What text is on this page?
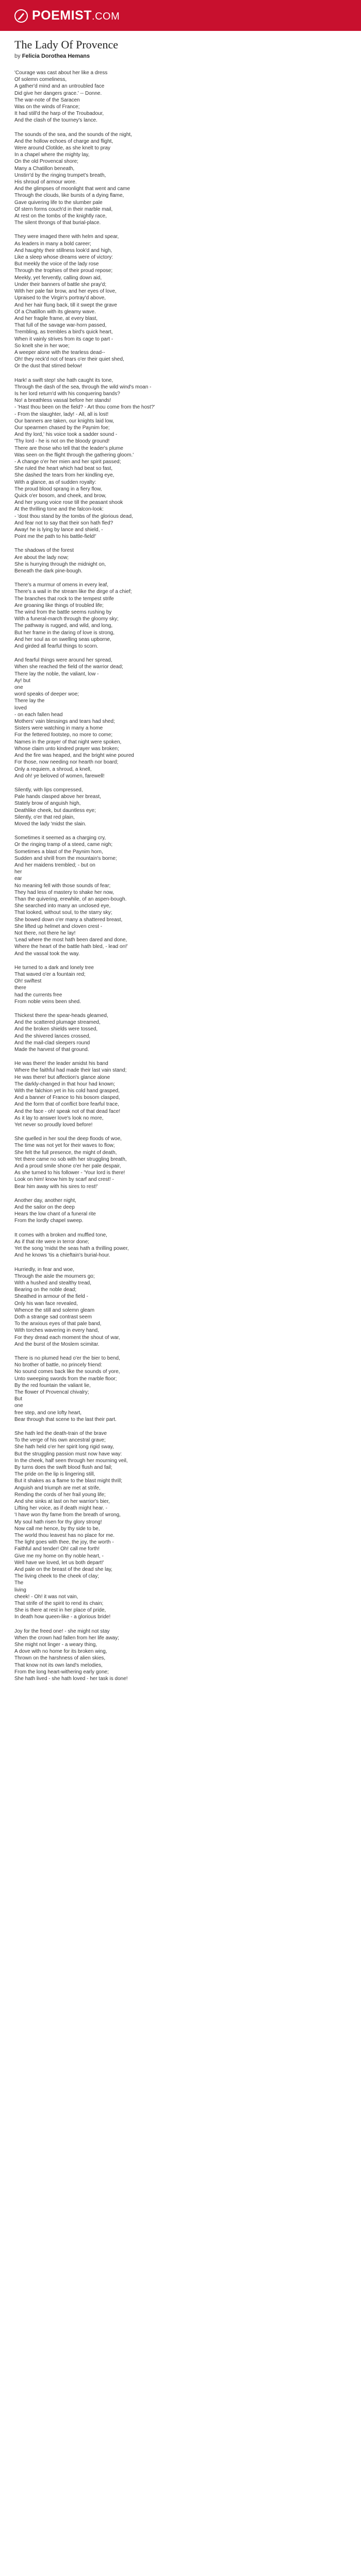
POEMIST.COM
The Lady Of Provence
by Felicia Dorothea Hemans
'Courage was cast about her like a dress
Of solemn comeliness,
A gather'd mind and an untroubled face
Did give her dangers grace.' -- Donne.
The war-note of the Saracen
Was on the winds of France;
It had still'd the harp of the Troubadour,
And the clash of the tourney's lance.
The sounds of the sea, and the sounds of the night,
And the hollow echoes of charge and flight,
Were around Clotilde, as she knelt to pray
In a chapel where the mighty lay,
On the old Provencal shore;
Many a Chatillon beneath,
Unstirr'd by the ringing trumpet's breath,
His shroud of armour wore.
And the glimpses of moonlight that went and came
Through the clouds, like bursts of a dying flame,
Gave quivering life to the slumber pale
Of stern forms couch'd in their marble mail,
At rest on the tombs of the knightly race,
The silent throngs of that burial-place.
They were imaged there with helm and spear,
As leaders in many a bold career;
And haughty their stillness look'd and high,
Like a sleep whose dreams were of victory:
But meekly the voice of the lady rose
Through the trophies of their proud repose;
Meekly, yet fervently, calling down aid,
Under their banners of battle she pray'd;
With her pale fair brow, and her eyes of love,
Upraised to the Virgin's portray'd above,
And her hair flung back, till it swept the grave
Of a Chatillon with its gleamy wave.
And her fragile frame, at every blast,
That full of the savage war-horn passed,
Trembling, as trembles a bird's quick heart,
When it vainly strives from its cage to part -
So knelt she in her woe;
A weeper alone with the tearless dead--
Oh! they reck'd not of tears o'er their quiet shed,
Or the dust that stirred below!
Hark! a swift step! she hath caught its tone,
Through the dash of the sea, through the wild wind's moan -
Is her lord return'd with his conquering bands?
No! a breathless vassal before her stands!
- 'Hast thou been on the field? - Art thou come from the host?'
- From the slaughter, lady! - All, all is lost!
Our banners are taken, our knights laid low,
Our spearmen chased by the Paynim foe;
And thy lord,' his voice took a sadder sound -
'Thy lord - he is not on the bloody ground!
There are those who tell that the leader's plume
Was seen on the flight through the gathering gloom.'
- A change o'er her mien and her spirit passed;
She ruled the heart which had beat so fast,
She dashed the tears from her kindling eye,
With a glance, as of sudden royalty:
The proud blood sprang in a fiery flow,
Quick o'er bosom, and cheek, and brow,
And her young voice rose till the peasant shook
At the thrilling tone and the falcon-look:
- 'dost thou stand by the tombs of the glorious dead,
And fear not to say that their son hath fled?
Away! he is lying by lance and shield, -
Point me the path to his battle-field!'
The shadows of the forest
Are about the lady now;
She is hurrying through the midnight on,
Beneath the dark pine-bough.
There's a murmur of omens in every leaf,
There's a wail in the stream like the dirge of a chief;
The branches that rock to the tempest strife
Are groaning like things of troubled life;
The wind from the battle seems rushing by
With a funeral-march through the gloomy sky;
The pathway is rugged, and wild, and long,
But her frame in the daring of love is strong,
And her soul as on swelling seas upborne,
And girded all fearful things to scorn.
And fearful things were around her spread,
When she reached the field of the warrior dead;
There lay the noble, the valiant, low -
Ay! but
one
word speaks of deeper woe;
There lay the
loved
- on each fallen head
Mothers' vain blessings and tears had shed;
Sisters were watching in many a home
For the fettered footstep, no more to come;
Names in the prayer of that night were spoken,
Whose claim unto kindred prayer was broken;
And the fire was heaped, and the bright wine poured
For those, now needing nor hearth nor board;
Only a requiem, a shroud, a knell,
And oh! ye beloved of women, farewell!
Silently, with lips compressed,
Pale hands clasped above her breast,
Stately brow of anguish high,
Deathlike cheek, but dauntless eye;
Silently, o'er that red plain,
Moved the lady 'midst the slain.
Sometimes it seemed as a charging cry,
Or the ringing tramp of a steed, came nigh;
Sometimes a blast of the Paynim horn,
Sudden and shrill from the mountain's borne;
And her maidens trembled; - but on
her
ear
No meaning fell with those sounds of fear;
They had less of mastery to shake her now,
Than the quivering, erewhile, of an aspen-bough.
She searched into many an unclosed eye,
That looked, without soul, to the starry sky;
She bowed down o'er many a shattered breast,
She lifted up helmet and cloven crest -
Not there, not there he lay!
'Lead where the most hath been dared and done,
Where the heart of the battle hath bled, - lead on!'
And the vassal took the way.
He turned to a dark and lonely tree
That waved o'er a fountain red;
Oh! swiftest
there
had the currents free
From noble veins been shed.
Thickest there the spear-heads gleamed,
And the scattered plumage streamed,
And the broken shields were tossed,
And the shivered lances crossed,
And the mail-clad sleepers round
Made the harvest of that ground.
He was there! the leader amidst his band
Where the faithful had made their last vain stand;
He was there! but affection's glance alone
The darkly-changed in that hour had known;
With the falchion yet in his cold hand grasped,
And a banner of France to his bosom clasped,
And the form that of conflict bore fearful trace,
And the face - oh! speak not of that dead face!
As it lay to answer love's look no more,
Yet never so proudly loved before!
She quelled in her soul the deep floods of woe,
The time was not yet for their waves to flow;
She felt the full presence, the might of death,
Yet there came no sob with her struggling breath,
And a proud smile shone o'er her pale despair,
As she turned to his follower - 'Your lord is there!
Look on him! know him by scarf and crest! -
Bear him away with his sires to rest!'
Another day, another night,
And the sailor on the deep
Hears the low chant of a funeral rite
From the lordly chapel sweep.
It comes with a broken and muffled tone,
As if that rite were in terror done;
Yet the song 'midst the seas hath a thrilling power,
And he knows 'tis a chieftain's burial-hour.
Hurriedly, in fear and woe,
Through the aisle the mourners go;
With a hushed and stealthy tread,
Bearing on the noble dead;
Sheathed in armour of the field -
Only his wan face revealed,
Whence the still and solemn gleam
Doth a strange sad contrast seem
To the anxious eyes of that pale band,
With torches wavering in every hand,
For they dread each moment the shout of war,
And the burst of the Moslem scimitar.
There is no plumed head o'er the bier to bend,
No brother of battle, no princely friend:
No sound comes back like the sounds of yore,
Unto sweeping swords from the marble floor;
By the red fountain the valiant lie,
The flower of Provencal chivalry;
But
one
free step, and one lofty heart,
Bear through that scene to the last their part.
She hath led the death-train of the brave
To the verge of his own ancestral grave;
She hath held o'er her spirit long rigid sway,
But the struggling passion must now have way:
In the cheek, half seen through her mourning veil,
By turns does the swift blood flush and fail;
The pride on the lip is lingering still,
But it shakes as a flame to the blast might thrill;
Anguish and triumph are met at strife,
Rending the cords of her frail young life;
And she sinks at last on her warrior's bier,
Lifting her voice, as if death might hear. -
'I have won thy fame from the breath of wrong,
My soul hath risen for thy glory strong!
Now call me hence, by thy side to be,
The world thou leavest has no place for me.
The light goes with thee, the joy, the worth -
Faithful and tender! Oh! call me forth!
Give me my home on thy noble heart, -
Well have we loved, let us both depart!'
And pale on the breast of the dead she lay,
The living cheek to the cheek of clay;
The
living
cheek! - Oh! it was not vain,
That strife of the spirit to rend its chain;
She is there at rest in her place of pride,
In death how queen-like - a glorious bride!
Joy for the freed one! - she might not stay
When the crown had fallen from her life away;
She might not linger - a weary thing,
A dove with no home for its broken wing,
Thrown on the harshness of alien skies,
That know not its own land's melodies,
From the long heart-withering early gone;
She hath lived - she hath loved - her task is done!
